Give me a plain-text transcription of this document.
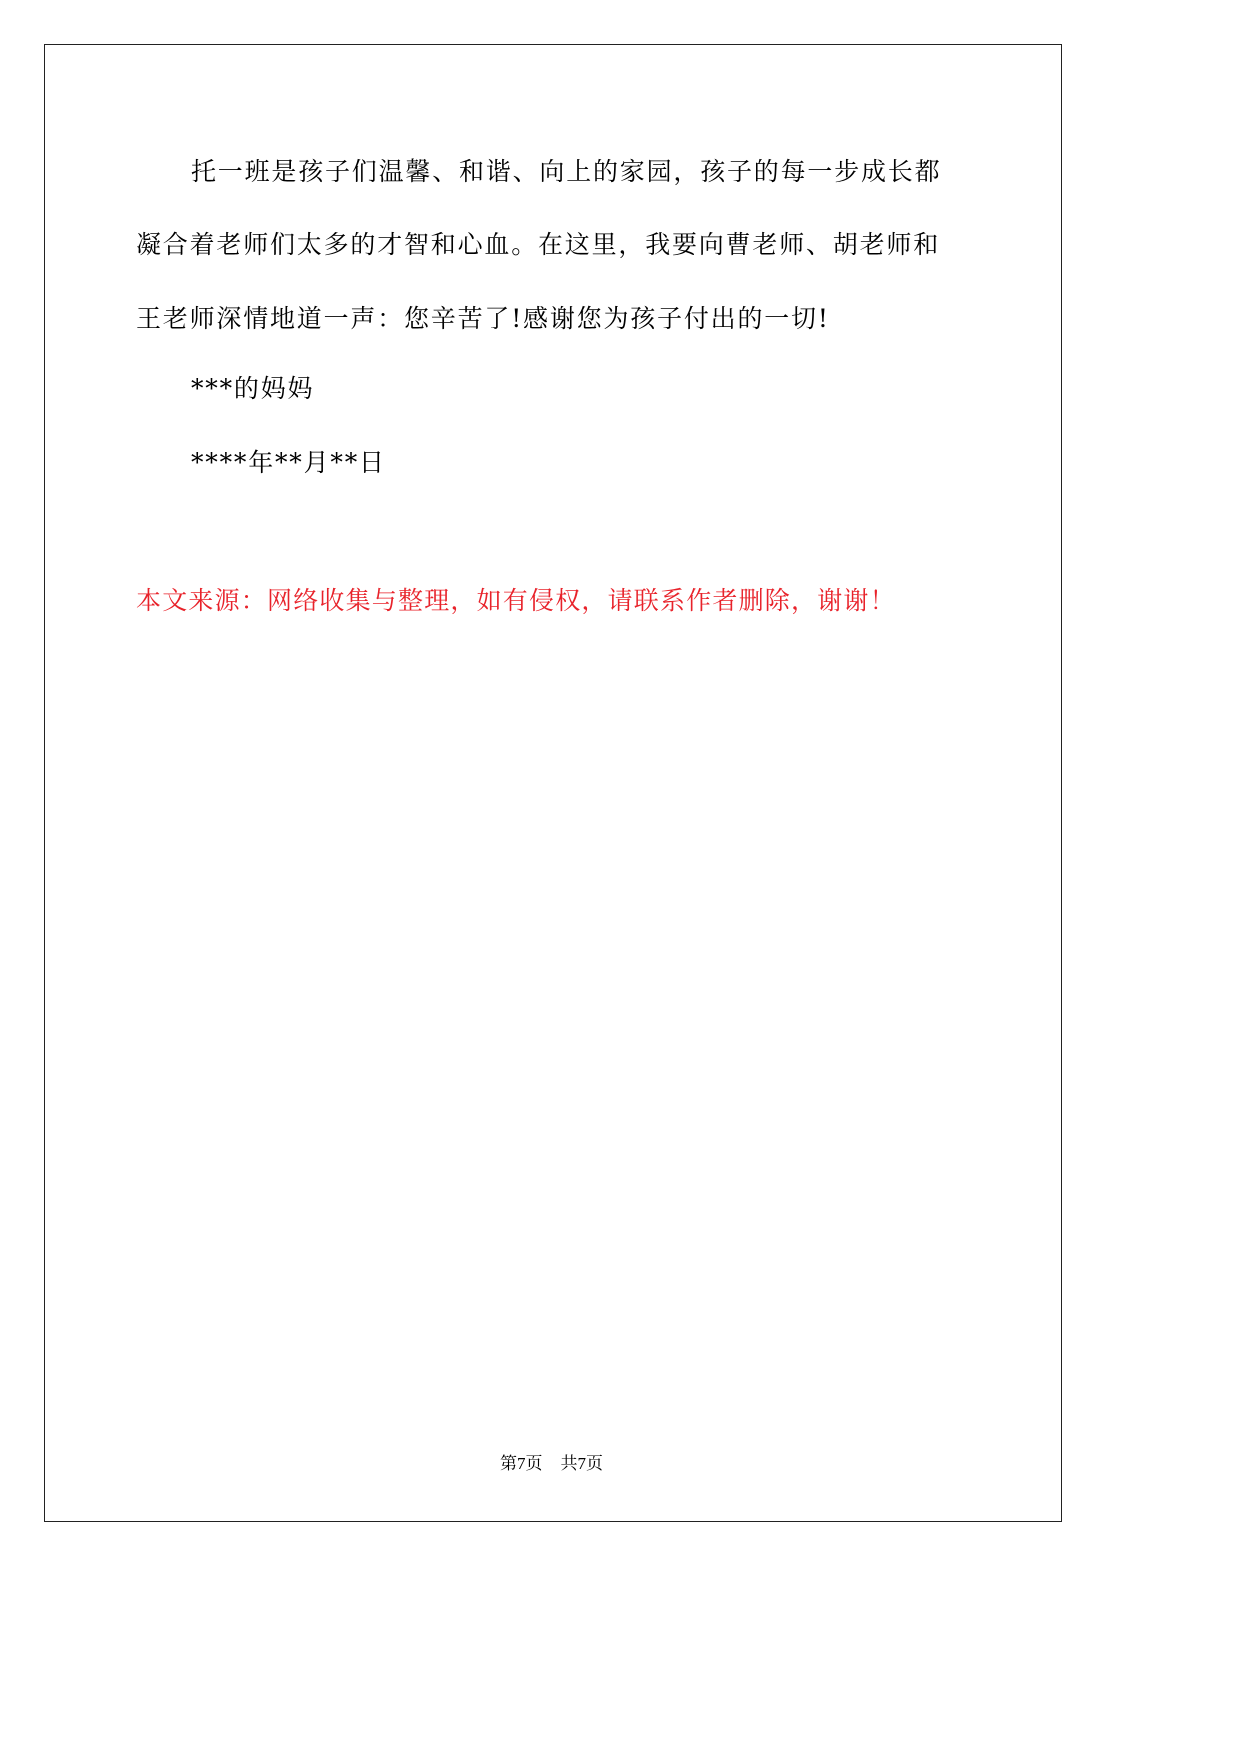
托一班是孩子们温馨、和谐、向上的家园，孩子的每一步成长都
凝合着老师们太多的才智和心血。在这里，我要向曹老师、胡老师和
王老师深情地道一声：您辛苦了!感谢您为孩子付出的一切!
***的妈妈
****年**月**日
本文来源：网络收集与整理，如有侵权，请联系作者删除，谢谢！
第7页 共7页
